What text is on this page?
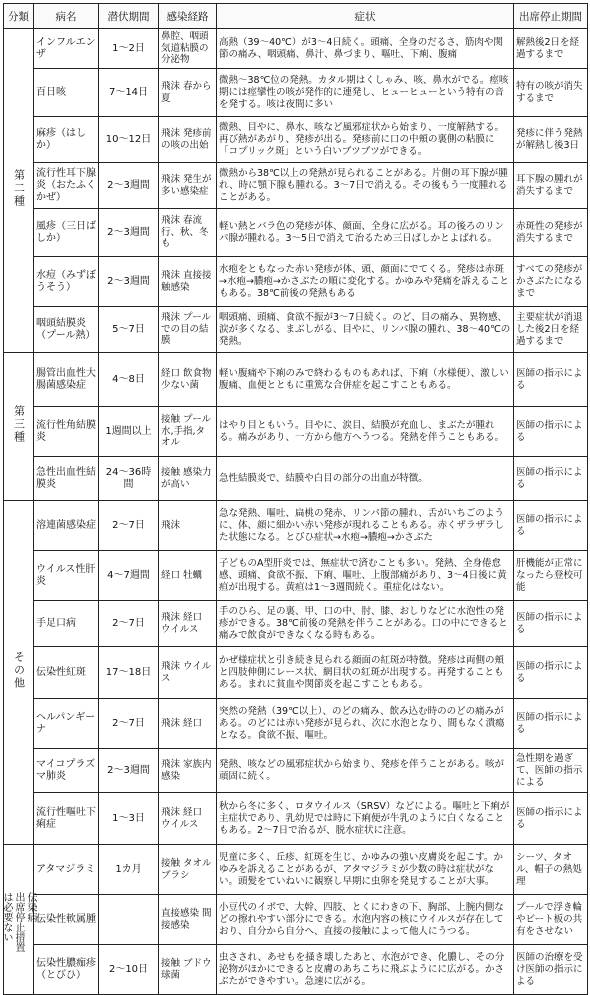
分類	病名	潜伏期間	感染経路	症状	出席停止期間
第二種	インフルエンザ	1〜2日	鼻腔、咽頭気道粘膜の分泌物	高熱（39〜40℃）が3〜4日続く。頭痛、全身のだるさ、筋肉や関節の痛み、咽頭痛、鼻汁、鼻づまり、嘔吐、下痢、腹痛	解熱後2日を経過するまで
	百日咳	7〜14日	飛沫 春から夏	微熱〜38℃位の発熱。カタル期はくしゃみ、咳、鼻水がでる。痙咳期には痙攣性の咳が発作的に連発し、ヒューヒューという特有の音を発する。咳は夜間に多い	特有の咳が消失するまで
	麻疹（はしか）	10〜12日	飛沫 発疹前の咳の出始	微熱、目やに、鼻水、咳など風邪症状から始まり、一度解熱する。再び熱があがり、発疹が出る。発疹前に口の中頬の裏側の粘膜に「コプリック斑」という白いブツブツができる。	発疹に伴う発熱が解熱し後3日
	流行性耳下腺炎（おたふくかぜ）	2〜3週間	飛沫 発生が多い感染症	微熱から38℃以上の発熱が見られることがある。片側の耳下腺が腫れ、時に顎下腺も腫れる。3〜7日で消える。その後もう一度腫れることがある。	耳下腺の腫れが消失するまで
	風疹（三日ばしか）	2〜3週間	飛沫 春流行、秋、冬も	軽い熱とバラ色の発疹が体、顔面、全身に広がる。耳の後ろのリンパ腺が腫れる。3〜5日で消えて治るため三日ばしかとよばれる。	赤斑性の発疹が消失するまで
	水痘（みずぼうそう）	2〜3週間	飛沫 直接接触感染	水疱をともなった赤い発疹が体、頭、顔面にでてくる。発疹は赤斑→水疱→膿疱→かさぶたの順に変化する。かゆみや発痛を訴えることもある。38℃前後の発熱もある	すべての発疹がかさぶたになるまで
	咽頭結膜炎（プール熱）	5〜7日	飛沫 プールでの目の結膜	咽頭痛、頭痛、食欲不振が3〜7日続く。のど、目の痛み、異物感、涙が多くなる、まぶしがる、目やに、リンパ腺の腫れ、38〜40℃の発熱。	主要症状が消退した後2日を経過するまで
第三種	腸管出血性大腸菌感染症	4〜8日	経口 飲食物 少ない菌	軽い腹痛や下痢のみで終わるものもあれば、下痢（水様便）、激しい腹痛、血便とともに重篤な合併症を起こすこともある。	医師の指示による
	流行性角結膜炎	1週間以上	接触 プール水,手指,タオル	はやり目ともいう。目やに、涙目、結膜が充血し、まぶたが腫れる。痛みがあり、一方から他方へうつる。発熱を伴うこともある。	医師の指示による
	急性出血性結膜炎	24〜36時間	接触 感染力が高い	急性結膜炎で、結膜や白目の部分の出血が特徴。	医師の指示による
その他	溶連菌感染症	2〜7日	飛沫	急な発熱、嘔吐、扁桃の発赤、リンパ節の腫れ、舌がいちごのように、体、顔に細かい赤い発疹が現れることもある。赤くザラザラした状態になる。とびひ症状→水疱→膿疱→かさぶた	医師の指示による
	ウイルス性肝炎	4〜7週間	経口 牡蠣	子どものA型肝炎では、無症状で済むことも多い。発熱、全身倦怠感、頭痛、食欲不振、下痢、嘔吐、上腹部痛があり、3〜4日後に黄疸が出現する。黄疸は1〜3週間続く。重症化はない。	肝機能が正常になったら登校可能
	手足口病	2〜7日	飛沫 経口 ウイルス	手のひら、足の裏、甲、口の中、肘、膝、おしりなどに水泡性の発疹ができる。38℃前後の発熱を伴うことがある。口の中にできると痛みで飲食ができなくなる時もある。	医師の指示による
	伝染性紅斑	17〜18日	飛沫 ウイルス	かぜ様症状と引き続き見られる顔面の紅斑が特徴。発疹は両側の頬と四肢伸側にレース状、網目状の紅斑が出現する。再発することもある。まれに貧血や関節炎を起こすこともある。	医師の指示による
	ヘルパンギーナ	2〜7日	飛沫 経口	突然の発熱（39℃以上）、のどの痛み、飲み込む時ののどの痛みがある。のどには赤い発疹が見られ、次に水泡となり、間もなく潰瘍となる。食欲不振、嘔吐。	医師の指示による
	マイコプラズマ肺炎	2〜3週間	飛沫 家族内 感染	発熱、咳などの風邪症状から始まり、発疹を伴うことがある。咳が頑固に続く。	急性期を過ぎて、医師の指示による
	流行性嘔吐下痢症	1〜3日	飛沫 経口 ウイルス	秋から冬に多く、ロタウイルス（SRSV）などによる。嘔吐と下痢が主症状であり、乳幼児では時に下痢便が牛乳のように白くなることもある。2〜7日で治るが、脱水症状に注意。	医師の指示による

伝染病
出席停止措置
は必要ない	アタマジラミ	1カ月	接触 タオル ブラシ	児童に多く、丘疹、紅斑を生じ、かゆみの強い皮膚炎を起こす。かゆみを訴えることがあるが、アタマジラミが少数の時は症状がない。頭髪をていねいに観察し早期に虫卵を発見することが大事。	シーツ、タオル、帽子の熱処理
	伝染性軟属腫		直接感染 間接感染	小豆代のイボで、大幹、四肢、とくにわきの下、胸部、上腕内側などの擦れやすい部分にできる。水泡内容の核にウイルスが存在しており、自分から自分へ、直接の接触によって他人にうつる。	プールで浮き輪やビート板の共有をさせない
	伝染性膿痂疹（とびひ）	2〜10日	接触 ブドウ球菌	虫さされ、あせもを掻き壊したあと、水泡ができ、化膿し、その分泌物がほかにできると皮膚のあちこちに飛ぶようにに広がる。かさぶたができやすい。急速に広がる。	医師の治療を受け医師の指示による
